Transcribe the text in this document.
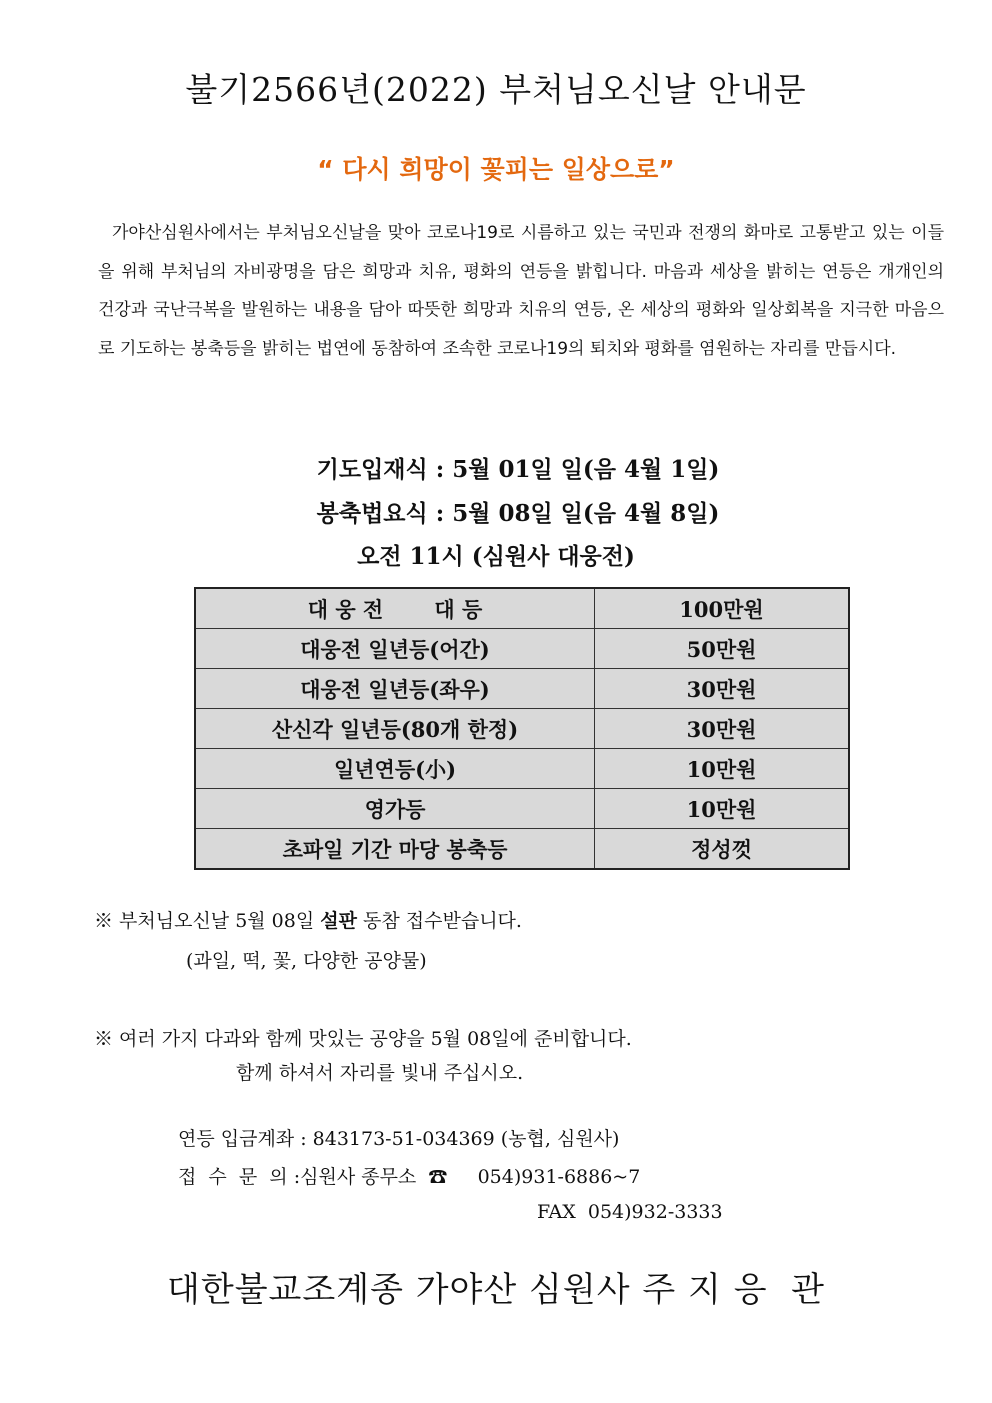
불기2566년(2022) 부처님오신날 안내문
“ 다시 희망이 꽃피는 일상으로”
가야산심원사에서는 부처님오신날을 맞아 코로나19로 시름하고 있는 국민과 전쟁의 화마로 고통받고 있는 이들을 위해 부처님의 자비광명을 담은 희망과 치유, 평화의 연등을 밝힙니다. 마음과 세상을 밝히는 연등은 개개인의 건강과 국난극복을 발원하는 내용을 담아 따뜻한 희망과 치유의 연등, 온 세상의 평화와 일상회복을 지극한 마음으로 기도하는 봉축등을 밝히는 법연에 동참하여 조속한 코로나19의 퇴치와 평화를 염원하는 자리를 만듭시다.
기도입재식 : 5월 01일 일(음 4월 1일)
봉축법요식 : 5월 08일 일(음 4월 8일)
오전 11시 (심원사 대웅전)
대 웅 전       대 등	100만원
대웅전 일년등(어간)	50만원
대웅전 일년등(좌우)	30만원
산신각 일년등(80개 한정)	30만원
일년연등(小)	10만원
영가등	10만원
초파일 기간 마당 봉축등	정성껏
※ 부처님오신날 5월 08일 설판 동참 접수받습니다.
(과일, 떡, 꽃, 다양한 공양물)
※ 여러 가지 다과와 함께 맛있는 공양을 5월 08일에 준비합니다.
함께 하셔서 자리를 빛내 주십시오.
연등 입금계좌 : 843173-51-034369 (농협, 심원사)
접  수  문  의 :심원사 종무소 ☎ 054)931-6886~7
FAX 054)932-3333
대한불교조계종 가야산 심원사 주 지 응  관
